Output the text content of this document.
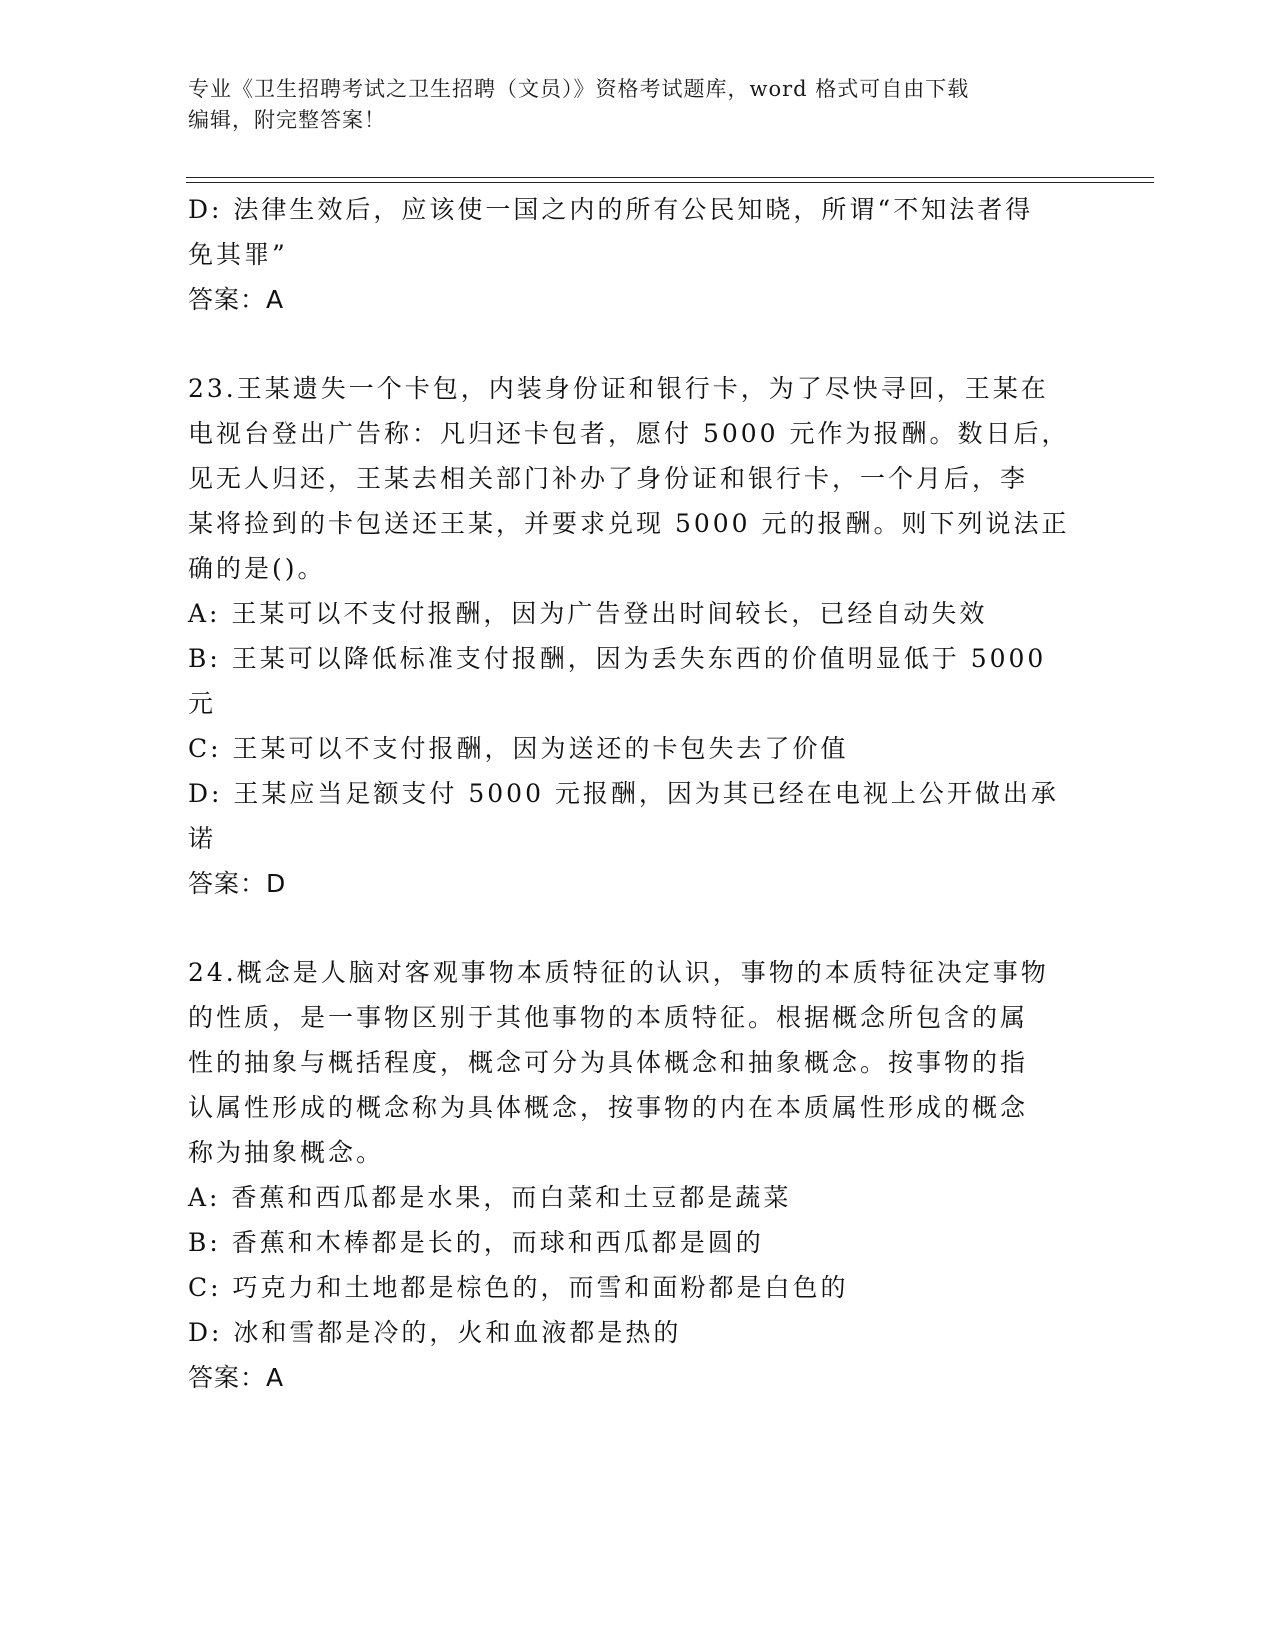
专业《卫生招聘考试之卫生招聘（文员）》资格考试题库，word 格式可自由下载
编辑，附完整答案！
D: 法律生效后，应该使一国之内的所有公民知晓，所谓“不知法者得
免其罪”
答案：A
23.王某遗失一个卡包，内装身份证和银行卡，为了尽快寻回，王某在
电视台登出广告称：凡归还卡包者，愿付 5000 元作为报酬。数日后，
见无人归还，王某去相关部门补办了身份证和银行卡，一个月后，李
某将捡到的卡包送还王某，并要求兑现 5000 元的报酬。则下列说法正
确的是()。
A: 王某可以不支付报酬，因为广告登出时间较长，已经自动失效
B: 王某可以降低标准支付报酬，因为丢失东西的价值明显低于 5000
元
C: 王某可以不支付报酬，因为送还的卡包失去了价值
D: 王某应当足额支付 5000 元报酬，因为其已经在电视上公开做出承
诺
答案：D
24.概念是人脑对客观事物本质特征的认识，事物的本质特征决定事物
的性质，是一事物区别于其他事物的本质特征。根据概念所包含的属
性的抽象与概括程度，概念可分为具体概念和抽象概念。按事物的指
认属性形成的概念称为具体概念，按事物的内在本质属性形成的概念
称为抽象概念。
A: 香蕉和西瓜都是水果，而白菜和土豆都是蔬菜
B: 香蕉和木棒都是长的，而球和西瓜都是圆的
C: 巧克力和土地都是棕色的，而雪和面粉都是白色的
D: 冰和雪都是冷的，火和血液都是热的
答案：A
